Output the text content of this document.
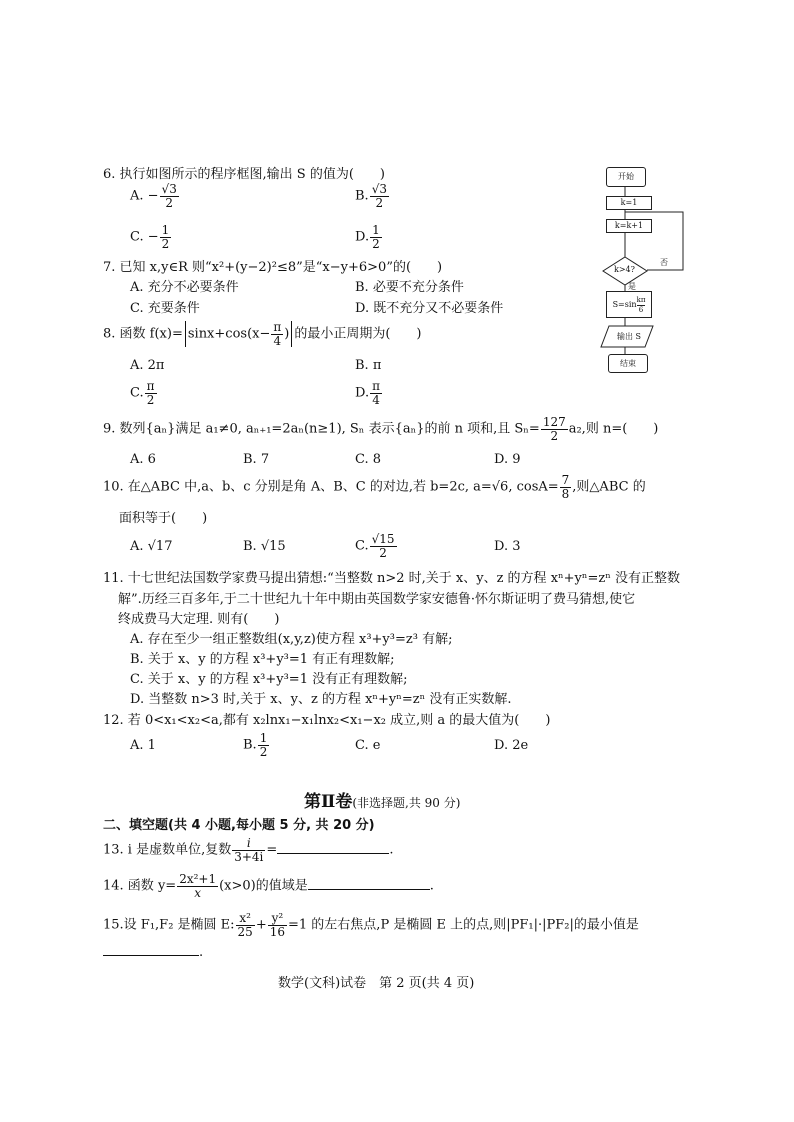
6. 执行如图所示的程序框图,输出 S 的值为(　　)
A. − $\frac{√3}{2}$	B. $\frac{√3}{2}$
C. − $\frac{1}{2}$	D. $\frac{1}{2}$
7. 已知 x,y∈R 则“x²+(y−2)²≤8”是“x−y+6>0”的(　　)
A. 充分不必要条件	B. 必要不充分条件
C. 充要条件	D. 既不充分又不必要条件
8. 函数 $f(x)= \sin x+\cos(x- \frac{\pi}{4}$ ) 的最小正周期为(　　)
A. 2π	B. π
C. $\frac{\pi}{2}$	D. $\frac{\pi}{4}$
9. 数列{aₙ}满足 a₁≠0, aₙ₊₁=2aₙ(n≥1), Sₙ 表示{aₙ}的前 n 项和,且 $S_n= \frac{127}{2} a_2$,则 n=(　　)
A. 6	B. 7	C. 8	D. 9
10. 在△ABC 中,a、b、c 分别是角 A、B、C 的对边,若 b=2c, a=√6, $\cos A= \frac{7}{8}$ ,则△ABC 的
面积等于(　　)
A. √17	B. √15	C. $\frac{√15}{2}$	D. 3
11. 十七世纪法国数学家费马提出猜想:“当整数 n>2 时,关于 x、y、z 的方程 xⁿ+yⁿ=zⁿ 没有正整数
解”.历经三百多年,于二十世纪九十年中期由英国数学家安德鲁·怀尔斯证明了费马猜想,使它
终成费马大定理. 则有(　　)
A. 存在至少一组正整数组(x,y,z)使方程 x³+y³=z³ 有解;
B. 关于 x、y 的方程 x³+y³=1 有正有理数解;
C. 关于 x、y 的方程 x³+y³=1 没有正有理数解;
D. 当整数 n>3 时,关于 x、y、z 的方程 xⁿ+yⁿ=zⁿ 没有正实数解.
12. 若 0<x₁<x₂<a,都有 x₂lnx₁−x₁lnx₂<x₁−x₂ 成立,则 a 的最大值为(　　)
A. 1	B. $\frac{1}{2}$	C. e	D. 2e
第Ⅱ卷(非选择题,共 90 分)
二、填空题(共 4 小题,每小题 5 分, 共 20 分)
13. i 是虚数单位,复数 $\frac{i}{3+4i}$ =	.
14. 函数 $y= \frac{\text{2x²+1}}{x} (x>0)$的值域是	.
15.设 F₁,F₂ 是椭圆 E: $\frac{\text{x²}}{25} + \frac{\text{y²}}{16} =1$ 的左右焦点,P 是椭圆 E 上的点,则|PF₁|·|PF₂|的最小值是
.
数学(文科)试卷　第 2 页(共 4 页)
开始
k=1
k=k+1
k>4?
否
是
$S=\sin \frac{k\pi}{6}$
输出 S
结束
